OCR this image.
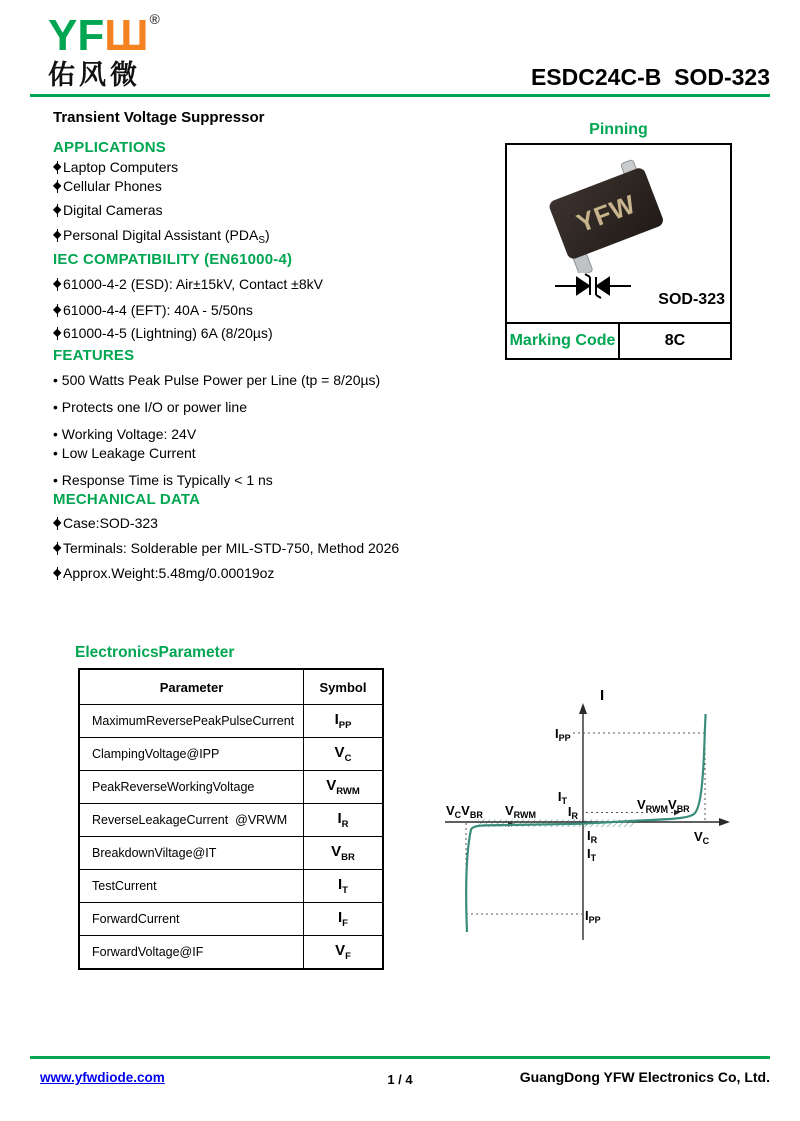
YFШ®
佑风微	ESDC24C-B  SOD-323
Transient Voltage Suppressor
APPLICATIONS
Laptop Computers
Cellular Phones
Digital Cameras
Personal Digital Assistant $(PDA_S)$
IEC COMPATIBILITY (EN61000-4)
61000-4-2 (ESD): Air±15kV, Contact ±8kV
61000-4-4 (EFT): 40A - 5/50ns
61000-4-5 (Lightning) 6A (8/20µs)
FEATURES
• 500 Watts Peak Pulse Power per Line (tp = 8/20µs)
• Protects one I/O or power line
• Working Voltage: 24V
• Low Leakage Current
• Response Time is Typically < 1 ns
MECHANICAL DATA
Case:SOD-323
Terminals: Solderable per MIL-STD-750, Method 2026
Approx.Weight:5.48mg/0.00019oz
Pinning
YFW
SOD-323
Marking Code	8C
ElectronicsParameter
Parameter	Symbol
MaximumReversePeakPulseCurrent	$I_{PP}$
ClampingVoltage@IPP	$V_C$
PeakReverseWorkingVoltage	$V_{RWM}$
ReverseLeakageCurrent  @VRWM	$I_R$
BreakdownViltage@IT	$V_{BR}$
TestCurrent	$I_T$
ForwardCurrent	$I_F$
ForwardVoltage@IF	$V_F$
I
$I_{PP}$
$V_CV_{BR}$ $V_{RWM}$
$I_T$
$I_R$
$V_{RWM}V_{BR}$
$V_C$
$I_R$
$I_T$
$I_{PP}$
www.yfwdiode.com	1 / 4	GuangDong YFW Electronics Co, Ltd.
